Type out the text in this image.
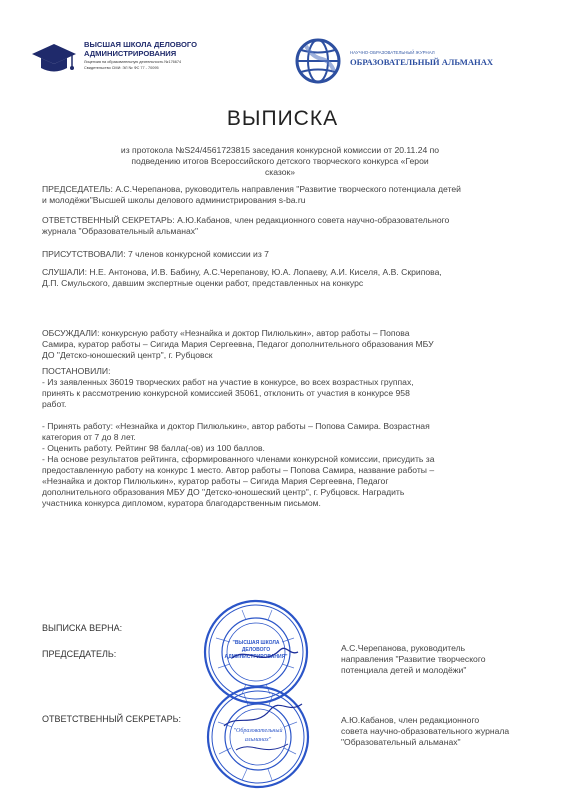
ВЫСШАЯ ШКОЛА ДЕЛОВОГО АДМИНИСТРИРОВАНИЯ
Лицензия на образовательную деятельность №176674
Свидетельство СМИ: ЭЛ № ФС 77 - 70095
НАУЧНО-ОБРАЗОВАТЕЛЬНЫЙ ЖУРНАЛ
ОБРАЗОВАТЕЛЬНЫЙ АЛЬМАНАХ
ВЫПИСКА
из протокола №S24/4561723815 заседания конкурсной комиссии от 20.11.24 по
подведению итогов Всероссийского детского творческого конкурса «Герои
сказок»
ПРЕДСЕДАТЕЛЬ: А.С.Черепанова, руководитель направления "Развитие творческого потенциала детей
и молодёжи"Высшей школы делового администрирования s-ba.ru
ОТВЕТСТВЕННЫЙ СЕКРЕТАРЬ: А.Ю.Кабанов, член редакционного совета научно-образовательного
журнала "Образовательный альманах"
ПРИСУТСТВОВАЛИ: 7 членов конкурсной комиссии из 7
СЛУШАЛИ: Н.Е. Антонова, И.В. Бабину, А.С.Черепанову, Ю.А. Лопаеву, А.И. Киселя, А.В. Скрипова,
Д.П. Смульского, давшим экспертные оценки работ, представленных на конкурс
ОБСУЖДАЛИ: конкурсную работу «Незнайка и доктор Пилюлькин», автор работы – Попова
Самира, куратор работы – Сигида Мария Сергеевна, Педагог дополнительного образования МБУ
ДО "Детско-юношеский центр", г. Рубцовск
ПОСТАНОВИЛИ:
- Из заявленных 36019 творческих работ на участие в конкурсе, во всех возрастных группах,
принять к рассмотрению конкурсной комиссией 35061, отклонить от участия в конкурсе 958
работ.
- Принять работу: «Незнайка и доктор Пилюлькин», автор работы – Попова Самира. Возрастная
категория от 7 до 8 лет.
- Оценить работу. Рейтинг 98 балла(-ов) из 100 баллов.
- На основе результатов рейтинга, сформированного членами конкурсной комиссии, присудить за
предоставленную работу на конкурс 1 место. Автор работы – Попова Самира, название работы –
«Незнайка и доктор Пилюлькин», куратор работы – Сигида Мария Сергеевна, Педагог
дополнительного образования МБУ ДО "Детско-юношеский центр", г. Рубцовск. Наградить
участника конкурса дипломом, куратора благодарственным письмом.
ВЫПИСКА ВЕРНА:
ПРЕДСЕДАТЕЛЬ:
ОТВЕТСТВЕННЫЙ СЕКРЕТАРЬ:
А.С.Черепанова, руководитель
направления "Развитие творческого
потенциала детей и молодёжи"
А.Ю.Кабанов, член редакционного
совета научно-образовательного журнала
"Образовательный альманах"
"ВЫСШАЯ ШКОЛА
ДЕЛОВОГО
АДМИНИСТРИРОВАНИЯ"
"Образовательный
альманах"
